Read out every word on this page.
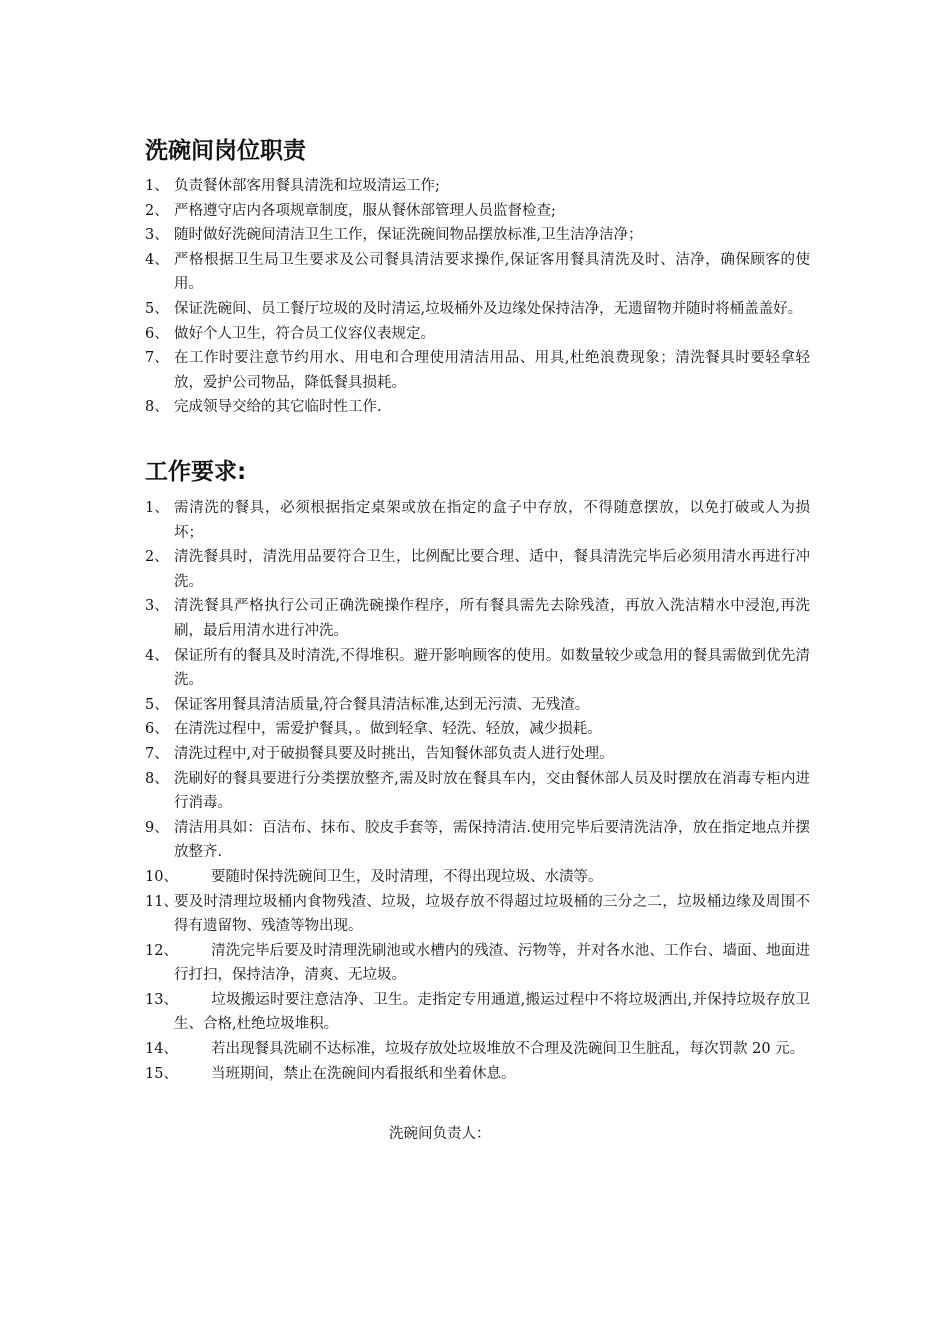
洗碗间岗位职责
1、 负责餐休部客用餐具清洗和垃圾清运工作;
2、 严格遵守店内各项规章制度，服从餐休部管理人员监督检查;
3、 随时做好洗碗间清洁卫生工作，保证洗碗间物品摆放标准,卫生洁净洁净；
4、 严格根据卫生局卫生要求及公司餐具清洁要求操作,保证客用餐具清洗及时、洁净，确保顾客的使用。
5、 保证洗碗间、员工餐厅垃圾的及时清运,垃圾桶外及边缘处保持洁净，无遗留物并随时将桶盖盖好。
6、 做好个人卫生，符合员工仪容仪表规定。
7、 在工作时要注意节约用水、用电和合理使用清洁用品、用具,杜绝浪费现象；清洗餐具时要轻拿轻放，爱护公司物品，降低餐具损耗。
8、 完成领导交给的其它临时性工作.
工作要求:
1、 需清洗的餐具，必须根据指定桌架或放在指定的盒子中存放，不得随意摆放，以免打破或人为损坏；
2、 清洗餐具时，清洗用品要符合卫生，比例配比要合理、适中，餐具清洗完毕后必须用清水再进行冲洗。
3、 清洗餐具严格执行公司正确洗碗操作程序，所有餐具需先去除残渣，再放入洗洁精水中浸泡,再洗刷，最后用清水进行冲洗。
4、 保证所有的餐具及时清洗,不得堆积。避开影响顾客的使用。如数量较少或急用的餐具需做到优先清洗。
5、 保证客用餐具清洁质量,符合餐具清洁标准,达到无污渍、无残渣。
6、 在清洗过程中，需爱护餐具，。做到轻拿、轻洗、轻放，减少损耗。
7、 清洗过程中,对于破损餐具要及时挑出，告知餐休部负责人进行处理。
8、 洗刷好的餐具要进行分类摆放整齐,需及时放在餐具车内，交由餐休部人员及时摆放在消毒专柜内进行消毒。
9、 清洁用具如：百洁布、抹布、胶皮手套等，需保持清洁.使用完毕后要清洗洁净，放在指定地点并摆放整齐.
10、 要随时保持洗碗间卫生，及时清理，不得出现垃圾、水渍等。
11、
要及时清理垃圾桶内食物残渣、垃圾，垃圾存放不得超过垃圾桶的三分之二，垃圾桶边缘及周围不得有遗留物、残渣等物出现。
12、 清洗完毕后要及时清理洗刷池或水槽内的残渣、污物等，并对各水池、工作台、墙面、地面进行打扫，保持洁净，清爽、无垃圾。
13、 垃圾搬运时要注意洁净、卫生。走指定专用通道,搬运过程中不将垃圾洒出,并保持垃圾存放卫生、合格,杜绝垃圾堆积。
14、 若出现餐具洗刷不达标准，垃圾存放处垃圾堆放不合理及洗碗间卫生脏乱，每次罚款 20 元。
15、 当班期间，禁止在洗碗间内看报纸和坐着休息。
洗碗间负责人：
